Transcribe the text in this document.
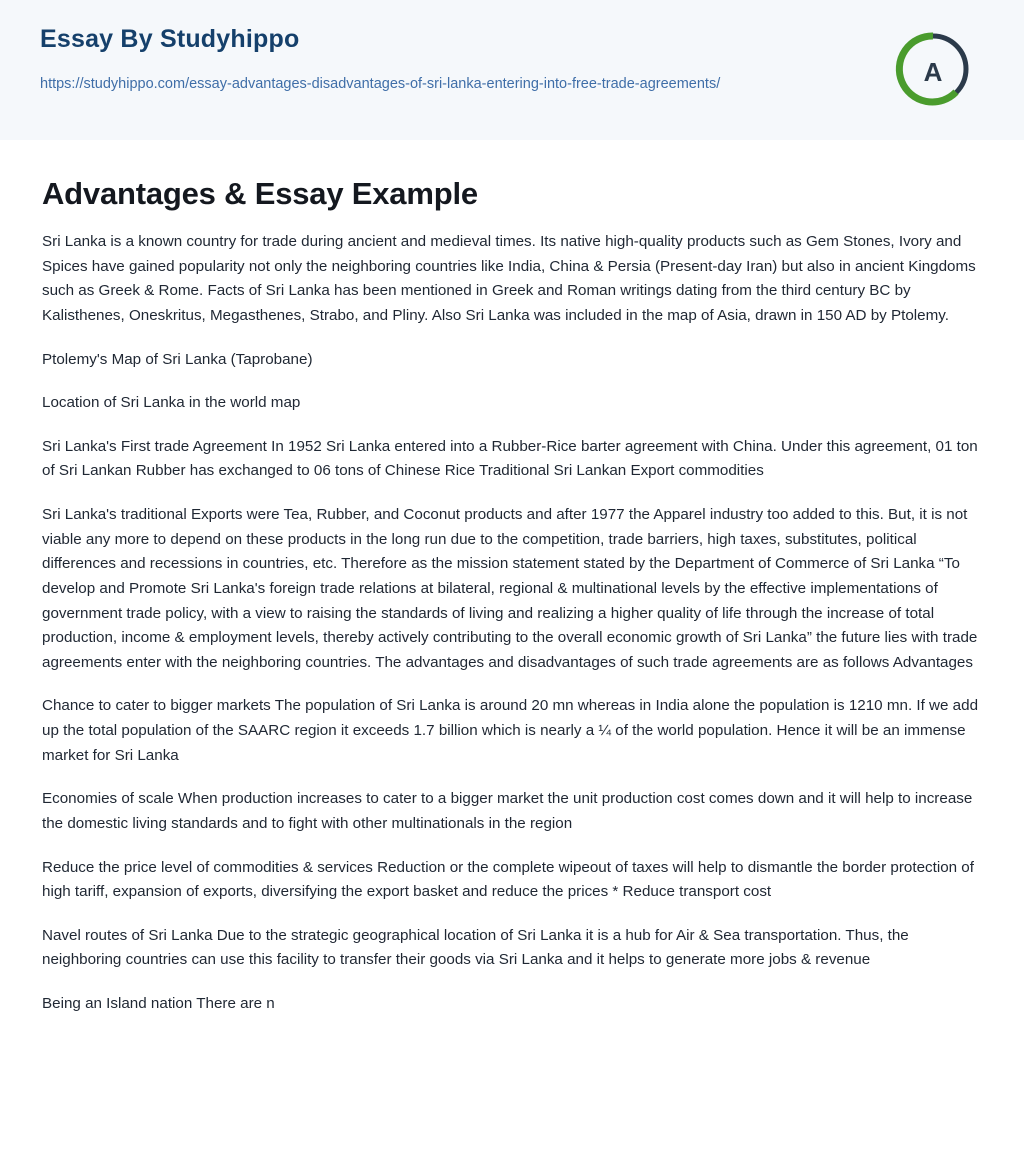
Essay By Studyhippo
https://studyhippo.com/essay-advantages-disadvantages-of-sri-lanka-entering-into-free-trade-agreements/	A
Advantages & Essay Example

Sri Lanka is a known country for trade during ancient and medieval times. Its native high-quality products such as Gem Stones, Ivory and Spices have gained popularity not only the neighboring countries like India, China & Persia (Present-day Iran) but also in ancient Kingdoms such as Greek & Rome. Facts of Sri Lanka has been mentioned in Greek and Roman writings dating from the third century BC by Kalisthenes, Oneskritus, Megasthenes, Strabo, and Pliny. Also Sri Lanka was included in the map of Asia, drawn in 150 AD by Ptolemy.

Ptolemy's Map of Sri Lanka (Taprobane)

Location of Sri Lanka in the world map

Sri Lanka's First trade Agreement In 1952 Sri Lanka entered into a Rubber-Rice barter agreement with China. Under this agreement, 01 ton of Sri Lankan Rubber has exchanged to 06 tons of Chinese Rice Traditional Sri Lankan Export commodities

Sri Lanka's traditional Exports were Tea, Rubber, and Coconut products and after 1977 the Apparel industry too added to this. But, it is not viable any more to depend on these products in the long run due to the competition, trade barriers, high taxes, substitutes, political differences and recessions in countries, etc. Therefore as the mission statement stated by the Department of Commerce of Sri Lanka “To develop and Promote Sri Lanka's foreign trade relations at bilateral, regional & multinational levels by the effective implementations of government trade policy, with a view to raising the standards of living and realizing a higher quality of life through the increase of total production, income & employment levels, thereby actively contributing to the overall economic growth of Sri Lanka” the future lies with trade agreements enter with the neighboring countries. The advantages and disadvantages of such trade agreements are as follows Advantages

Chance to cater to bigger markets The population of Sri Lanka is around 20 mn whereas in India alone the population is 1210 mn. If we add up the total population of the SAARC region it exceeds 1.7 billion which is nearly a ¼ of the world population. Hence it will be an immense market for Sri Lanka

Economies of scale When production increases to cater to a bigger market the unit production cost comes down and it will help to increase the domestic living standards and to fight with other multinationals in the region

Reduce the price level of commodities & services Reduction or the complete wipeout of taxes will help to dismantle the border protection of high tariff, expansion of exports, diversifying the export basket and reduce the prices * Reduce transport cost

Navel routes of Sri Lanka Due to the strategic geographical location of Sri Lanka it is a hub for Air & Sea transportation. Thus, the neighboring countries can use this facility to transfer their goods via Sri Lanka and it helps to generate more jobs & revenue

Being an Island nation There are n
